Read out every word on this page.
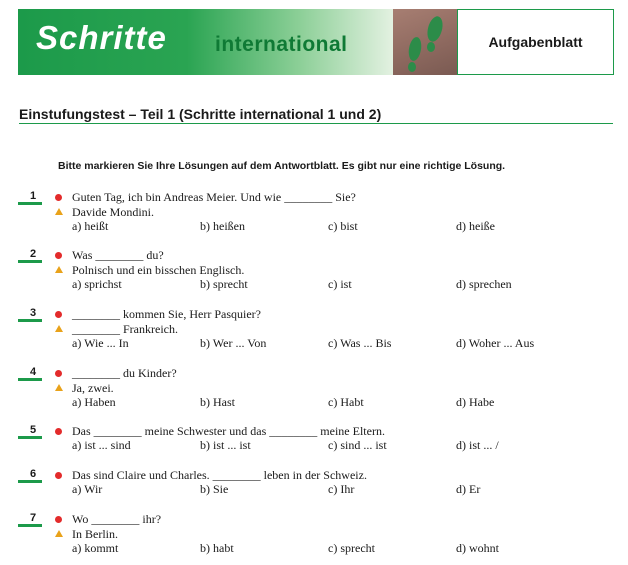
Schritte international	Aufgabenblatt
Einstufungstest – Teil 1 (Schritte international 1 und 2)
Bitte markieren Sie Ihre Lösungen auf dem Antwortblatt. Es gibt nur eine richtige Lösung.
1	Guten Tag, ich bin Andreas Meier. Und wie ________ Sie?
Davide Mondini.
a) heißt	b) heißen	c) bist	d) heiße
2	Was ________ du?
Polnisch und ein bisschen Englisch.
a) sprichst	b) sprecht	c) ist	d) sprechen
3	________ kommen Sie, Herr Pasquier?
________ Frankreich.
a) Wie ... In	b) Wer ... Von	c) Was ... Bis	d) Woher ... Aus
4	________ du Kinder?
Ja, zwei.
a) Haben	b) Hast	c) Habt	d) Habe
5	Das ________ meine Schwester und das ________ meine Eltern.
a) ist ... sind	b) ist ... ist	c) sind ... ist	d) ist ... /
6	Das sind Claire und Charles. ________ leben in der Schweiz.
a) Wir	b) Sie	c) Ihr	d) Er
7	Wo ________ ihr?
In Berlin.
a) kommt	b) habt	c) sprecht	d) wohnt
